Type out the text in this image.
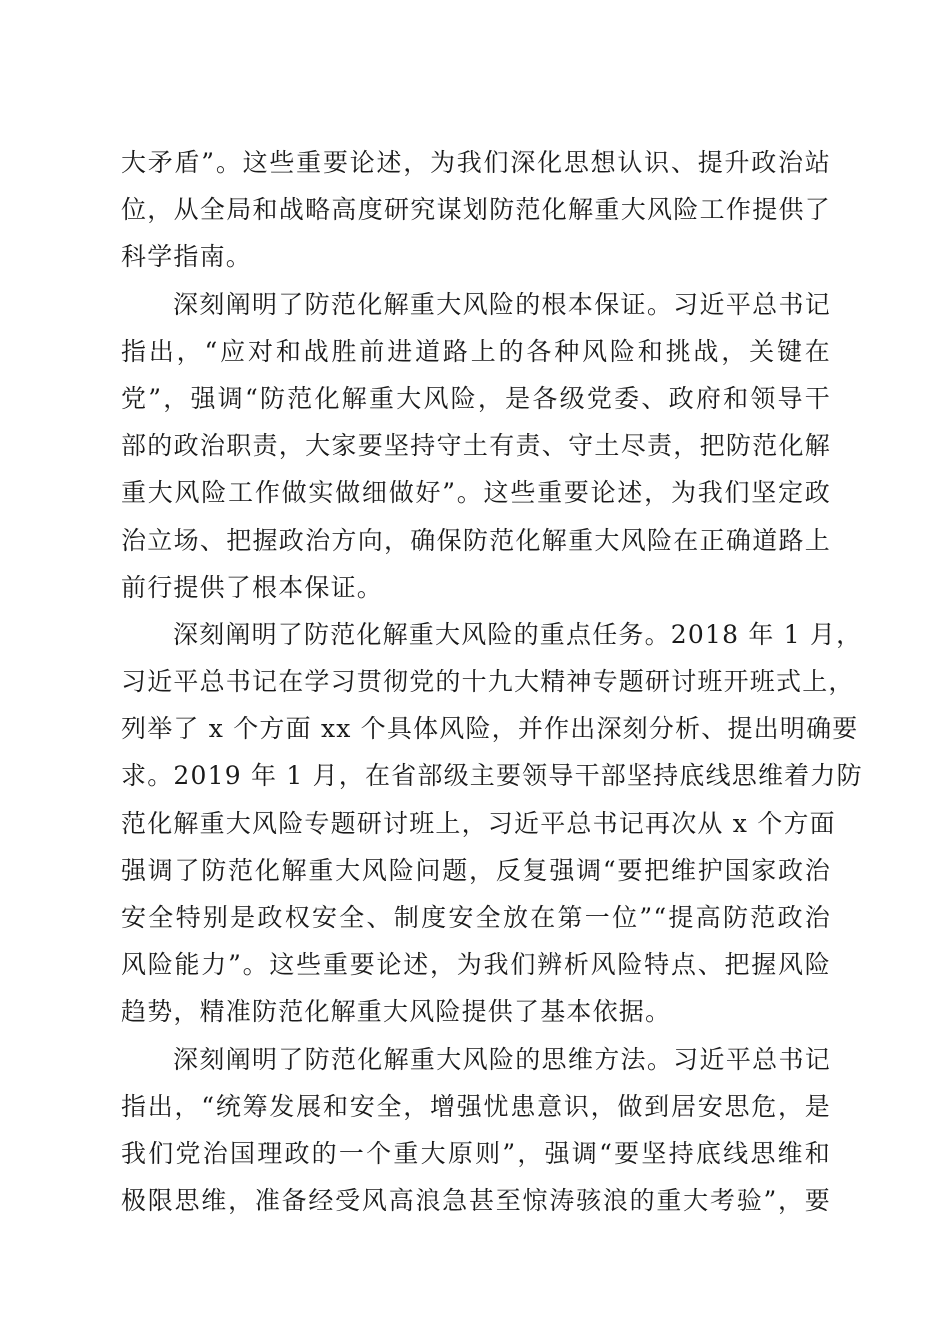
大矛盾”。这些重要论述，为我们深化思想认识、提升政治站
位，从全局和战略高度研究谋划防范化解重大风险工作提供了
科学指南。
深刻阐明了防范化解重大风险的根本保证。习近平总书记
指出，“应对和战胜前进道路上的各种风险和挑战，关键在
党”，强调“防范化解重大风险，是各级党委、政府和领导干
部的政治职责，大家要坚持守土有责、守土尽责，把防范化解
重大风险工作做实做细做好”。这些重要论述，为我们坚定政
治立场、把握政治方向，确保防范化解重大风险在正确道路上
前行提供了根本保证。
深刻阐明了防范化解重大风险的重点任务。2018 年 1 月，
习近平总书记在学习贯彻党的十九大精神专题研讨班开班式上，
列举了 x 个方面 xx 个具体风险，并作出深刻分析、提出明确要
求。2019 年 1 月，在省部级主要领导干部坚持底线思维着力防
范化解重大风险专题研讨班上，习近平总书记再次从 x 个方面
强调了防范化解重大风险问题，反复强调“要把维护国家政治
安全特别是政权安全、制度安全放在第一位”“提高防范政治
风险能力”。这些重要论述，为我们辨析风险特点、把握风险
趋势，精准防范化解重大风险提供了基本依据。
深刻阐明了防范化解重大风险的思维方法。习近平总书记
指出，“统筹发展和安全，增强忧患意识，做到居安思危，是
我们党治国理政的一个重大原则”，强调“要坚持底线思维和
极限思维，准备经受风高浪急甚至惊涛骇浪的重大考验”，要
